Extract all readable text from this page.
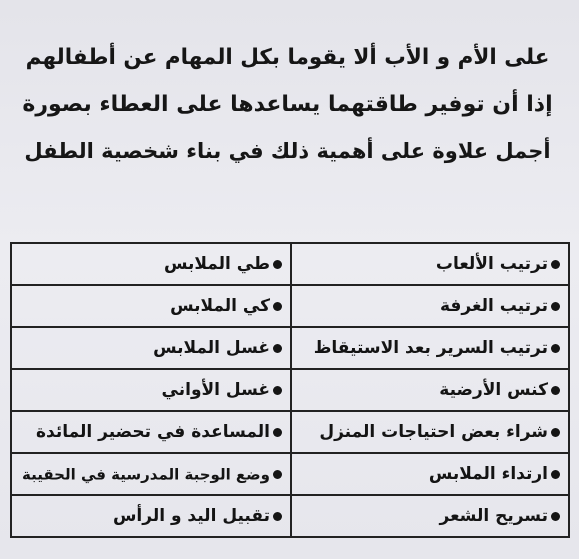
على الأم و الأب ألا يقوما بكل المهام عن أطفالهم
إذا أن توفير طاقتهما يساعدها على العطاء بصورة
أجمل علاوة على أهمية ذلك في بناء شخصية الطفل
ترتيب الألعاب	طي الملابس
ترتيب الغرفة	كي الملابس
ترتيب السرير بعد الاستيقاظ	غسل الملابس
كنس الأرضية	غسل الأواني
شراء بعض احتياجات المنزل	المساعدة في تحضير المائدة
ارتداء الملابس	وضع الوجبة المدرسية في الحقيبة
تسريح الشعر	تقبيل اليد و الرأس
